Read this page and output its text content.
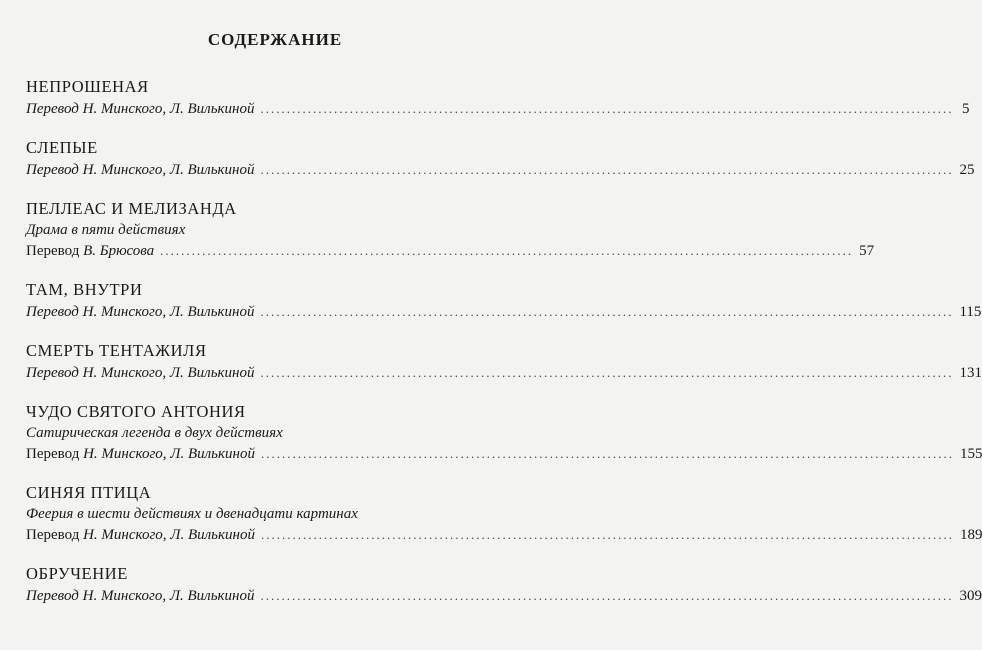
СОДЕРЖАНИЕ
НЕПРОШЕНАЯ
Перевод Н. Минского, Л. Вилькиной .................................................................................................................................... 5
СЛЕПЫЕ
Перевод Н. Минского, Л. Вилькиной .................................................................................................................................... 25
ПЕЛЛЕАС И МЕЛИЗАНДА
Драма в пяти действиях
Перевод В. Брюсова .................................................................................................................................... 57
ТАМ, ВНУТРИ
Перевод Н. Минского, Л. Вилькиной .................................................................................................................................... 115
СМЕРТЬ ТЕНТАЖИЛЯ
Перевод Н. Минского, Л. Вилькиной .................................................................................................................................... 131
ЧУДО СВЯТОГО АНТОНИЯ
Сатирическая легенда в двух действиях
Перевод Н. Минского, Л. Вилькиной .................................................................................................................................... 155
СИНЯЯ ПТИЦА
Феерия в шести действиях и двенадцати картинах
Перевод Н. Минского, Л. Вилькиной .................................................................................................................................... 189
ОБРУЧЕНИЕ
Перевод Н. Минского, Л. Вилькиной .................................................................................................................................... 309
